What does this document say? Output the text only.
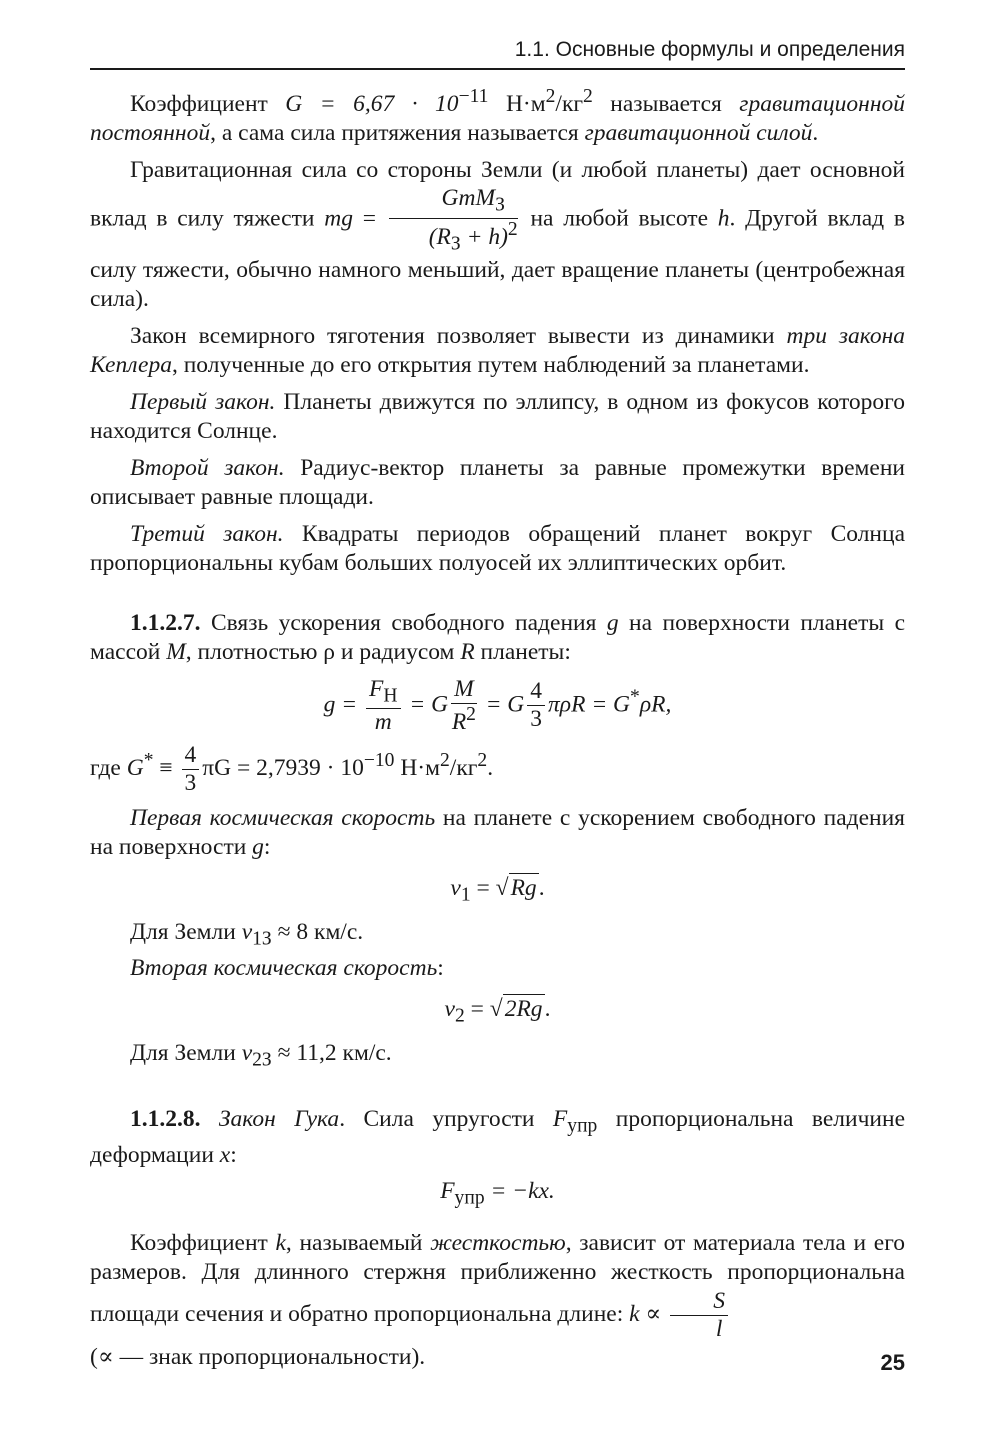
1.1. Основные формулы и определения

Коэффициент $G = 6,67 \cdot 10^{-11}$ $Н\cdot м^2/кг^2$ называется гравитационной постоянной, а сама сила притяжения называется гравитационной силой.

Гравитационная сила со стороны Земли (и любой планеты) дает основной вклад в силу тяжести mg = $\frac{GmM_З}{(R_З + h)^2}$ на любой высоте h. Другой вклад в силу тяжести, обычно намного меньший, дает вращение планеты (центробежная сила).

Закон всемирного тяготения позволяет вывести из динамики три закона Кеплера, полученные до его открытия путем наблюдений за планетами.

Первый закон. Планеты движутся по эллипсу, в одном из фокусов которого находится Солнце.

Второй закон. Радиус-вектор планеты за равные промежутки времени описывает равные площади.

Третий закон. Квадраты периодов обращений планет вокруг Солнца пропорциональны кубам больших полуосей их эллиптических орбит.

1.1.2.7. Связь ускорения свободного падения g на поверхности планеты с массой M, плотностью ρ и радиусом R планеты:

$g = \frac{F_Н}{m} = G \frac{M}{R^2} = G \frac{4}{3}$ πρR = G*ρR,

где $G^* \equiv \frac{4}{3}$ $\pi G = 2,7939 \cdot 10^{-10}$ $Н\cdot м^2/кг^2$.

Первая космическая скорость на планете с ускорением свободного падения на поверхности g:

$v_1$ = √ Rg .

Для Земли $v_{1З} \approx 8$ км/с.

Вторая космическая скорость:

$v_2$ = √ 2Rg .

Для Земли $v_{2З} \approx 11,2$ км/с.

1.1.2.8. Закон Гука. Сила упругости $F_{упр}$ пропорциональна величине деформации x:

$F_{упр} = -kx$.

Коэффициент k, называемый жесткостью, зависит от материала тела и его размеров. Для длинного стержня приближенно жесткость пропорциональна площади сечения и обратно пропорциональна длине: $k \propto \frac{S}{l}$

(∝ — знак пропорциональности).	25
